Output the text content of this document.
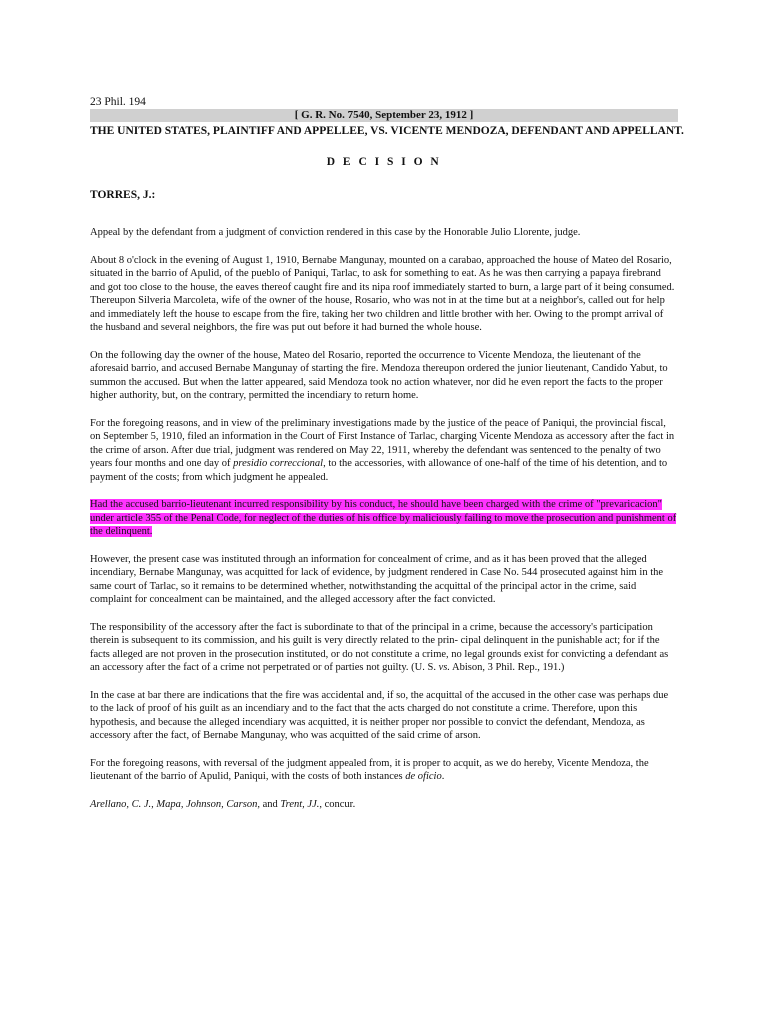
23 Phil. 194
[ G. R. No. 7540, September 23, 1912 ]
THE UNITED STATES, PLAINTIFF AND APPELLEE, VS. VICENTE MENDOZA, DEFENDANT AND APPELLANT.
D E C I S I O N
TORRES, J.:

Appeal by the defendant from a judgment of conviction rendered in this case by the Honorable Julio Llorente, judge.

About 8 o'clock in the evening of August 1, 1910, Bernabe Mangunay, mounted on a carabao, approached the house of Mateo del Rosario, situated in the barrio of Apulid, of the pueblo of Paniqui, Tarlac, to ask for something to eat. As he was then carrying a papaya firebrand and got too close to the house, the eaves thereof caught fire and its nipa roof immediately started to burn, a large part of it being consumed. Thereupon Silveria Marcoleta, wife of the owner of the house, Rosario, who was not in at the time but at a neighbor's, called out for help and immediately left the house to escape from the fire, taking her two children and little brother with her. Owing to the prompt arrival of the husband and several neighbors, the fire was put out before it had burned the whole house.

On the following day the owner of the house, Mateo del Rosario, reported the occurrence to Vicente Mendoza, the lieutenant of the aforesaid barrio, and accused Bernabe Mangunay of starting the fire. Mendoza thereupon ordered the junior lieutenant, Candido Yabut, to summon the accused. But when the latter appeared, said Mendoza took no action whatever, nor did he even report the facts to the proper higher authority, but, on the contrary, permitted the incendiary to return home.

For the foregoing reasons, and in view of the preliminary investigations made by the justice of the peace of Paniqui, the provincial fiscal, on September 5, 1910, filed an information in the Court of First Instance of Tarlac, charging Vicente Mendoza as accessory after the fact in the crime of arson. After due trial, judgment was rendered on May 22, 1911, whereby the defendant was sentenced to the penalty of two years four months and one day of presidio correccional, to the accessories, with allowance of one-half of the time of his detention, and to payment of the costs; from which judgment he appealed.

Had the accused barrio-lieutenant incurred responsibility by his conduct, he should have been charged with the crime of "prevaricacion" under article 355 of the Penal Code, for neglect of the duties of his office by maliciously failing to move the prosecution and punishment of the delinquent.

However, the present case was instituted through an information for concealment of crime, and as it has been proved that the alleged incendiary, Bernabe Mangunay, was acquitted for lack of evidence, by judgment rendered in Case No. 544 prosecuted against him in the same court of Tarlac, so it remains to be determined whether, notwithstanding the acquittal of the principal actor in the crime, said complaint for concealment can be maintained, and the alleged accessory after the fact convicted.

The responsibility of the accessory after the fact is subordinate to that of the principal in a crime, because the accessory's participation therein is subsequent to its commission, and his guilt is very directly related to the prin- cipal delinquent in the punishable act; for if the facts alleged are not proven in the prosecution instituted, or do not constitute a crime, no legal grounds exist for convicting a defendant as an accessory after the fact of a crime not perpetrated or of parties not guilty. (U. S. vs. Abison, 3 Phil. Rep., 191.)

In the case at bar there are indications that the fire was accidental and, if so, the acquittal of the accused in the other case was perhaps due to the lack of proof of his guilt as an incendiary and to the fact that the acts charged do not constitute a crime. Therefore, upon this hypothesis, and because the alleged incendiary was acquitted, it is neither proper nor possible to convict the defendant, Mendoza, as accessory after the fact, of Bernabe Mangunay, who was acquitted of the said crime of arson.

For the foregoing reasons, with reversal of the judgment appealed from, it is proper to acquit, as we do hereby, Vicente Mendoza, the lieutenant of the barrio of Apulid, Paniqui, with the costs of both instances de oficio.

Arellano, C. J., Mapa, Johnson, Carson, and Trent, JJ., concur.
